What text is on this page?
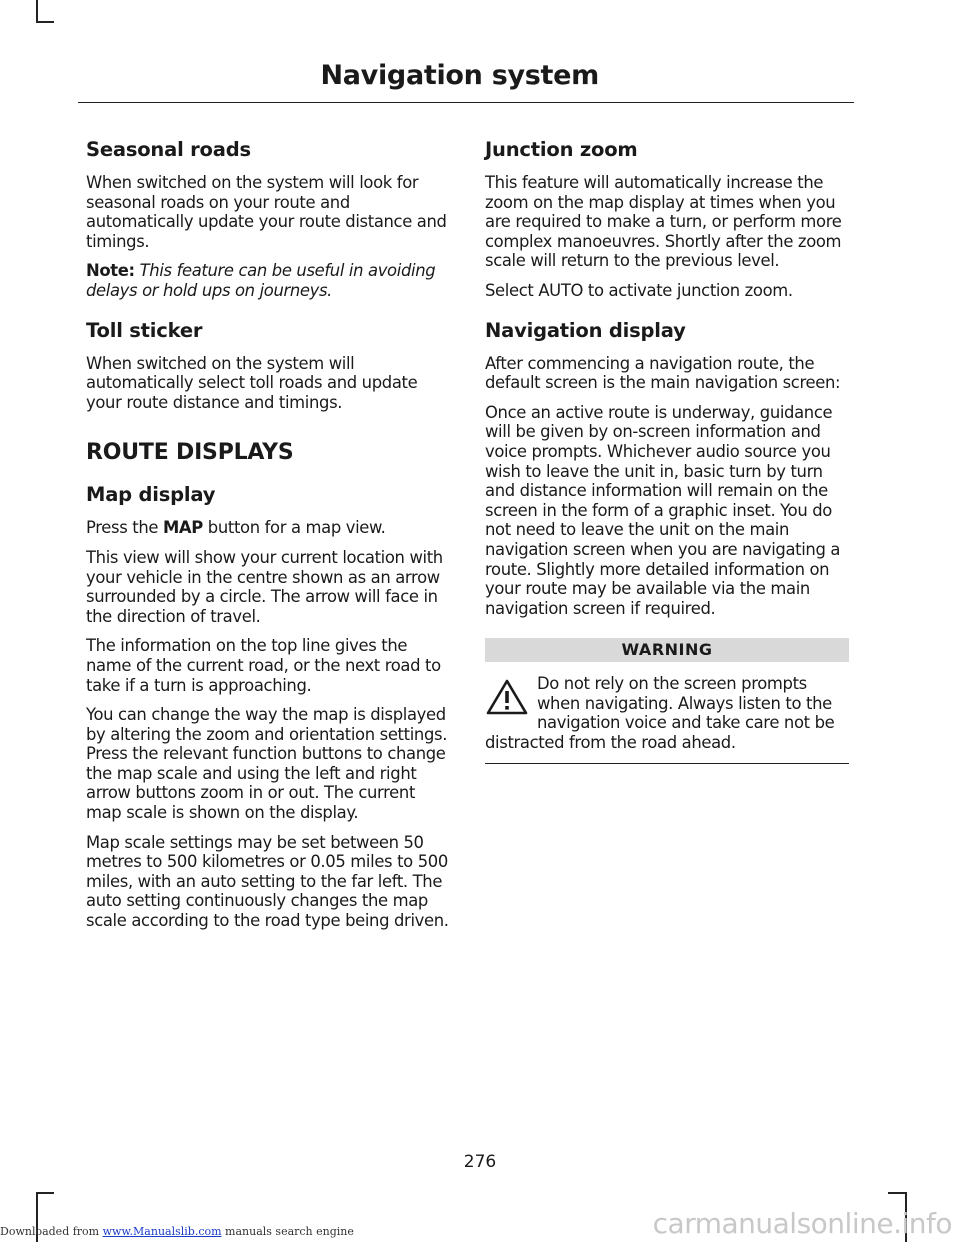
Navigation system
Seasonal roads

When switched on the system will look for seasonal roads on your route and automatically update your route distance and timings.

Note: This feature can be useful in avoiding delays or hold ups on journeys.

Toll sticker

When switched on the system will automatically select toll roads and update your route distance and timings.

ROUTE DISPLAYS
Map display

Press the MAP button for a map view.

This view will show your current location with your vehicle in the centre shown as an arrow surrounded by a circle. The arrow will face in the direction of travel.

The information on the top line gives the name of the current road, or the next road to take if a turn is approaching.

You can change the way the map is displayed by altering the zoom and orientation settings. Press the relevant function buttons to change the map scale and using the left and right arrow buttons zoom in or out. The current map scale is shown on the display.

Map scale settings may be set between 50 metres to 500 kilometres or 0.05 miles to 500 miles, with an auto setting to the far left. The auto setting continuously changes the map scale according to the road type being driven.

Junction zoom

This feature will automatically increase the zoom on the map display at times when you are required to make a turn, or perform more complex manoeuvres. Shortly after the zoom scale will return to the previous level.

Select AUTO to activate junction zoom.

Navigation display

After commencing a navigation route, the default screen is the main navigation screen:

Once an active route is underway, guidance will be given by on-screen information and voice prompts. Whichever audio source you wish to leave the unit in, basic turn by turn and distance information will remain on the screen in the form of a graphic inset. You do not need to leave the unit on the main navigation screen when you are navigating a route. Slightly more detailed information on your route may be available via the main navigation screen if required.

WARNING

Do not rely on the screen prompts when navigating. Always listen to the navigation voice and take care not be distracted from the road ahead.

276
Downloaded from www.Manualslib.com manuals search engine	carmanualsonline.info
